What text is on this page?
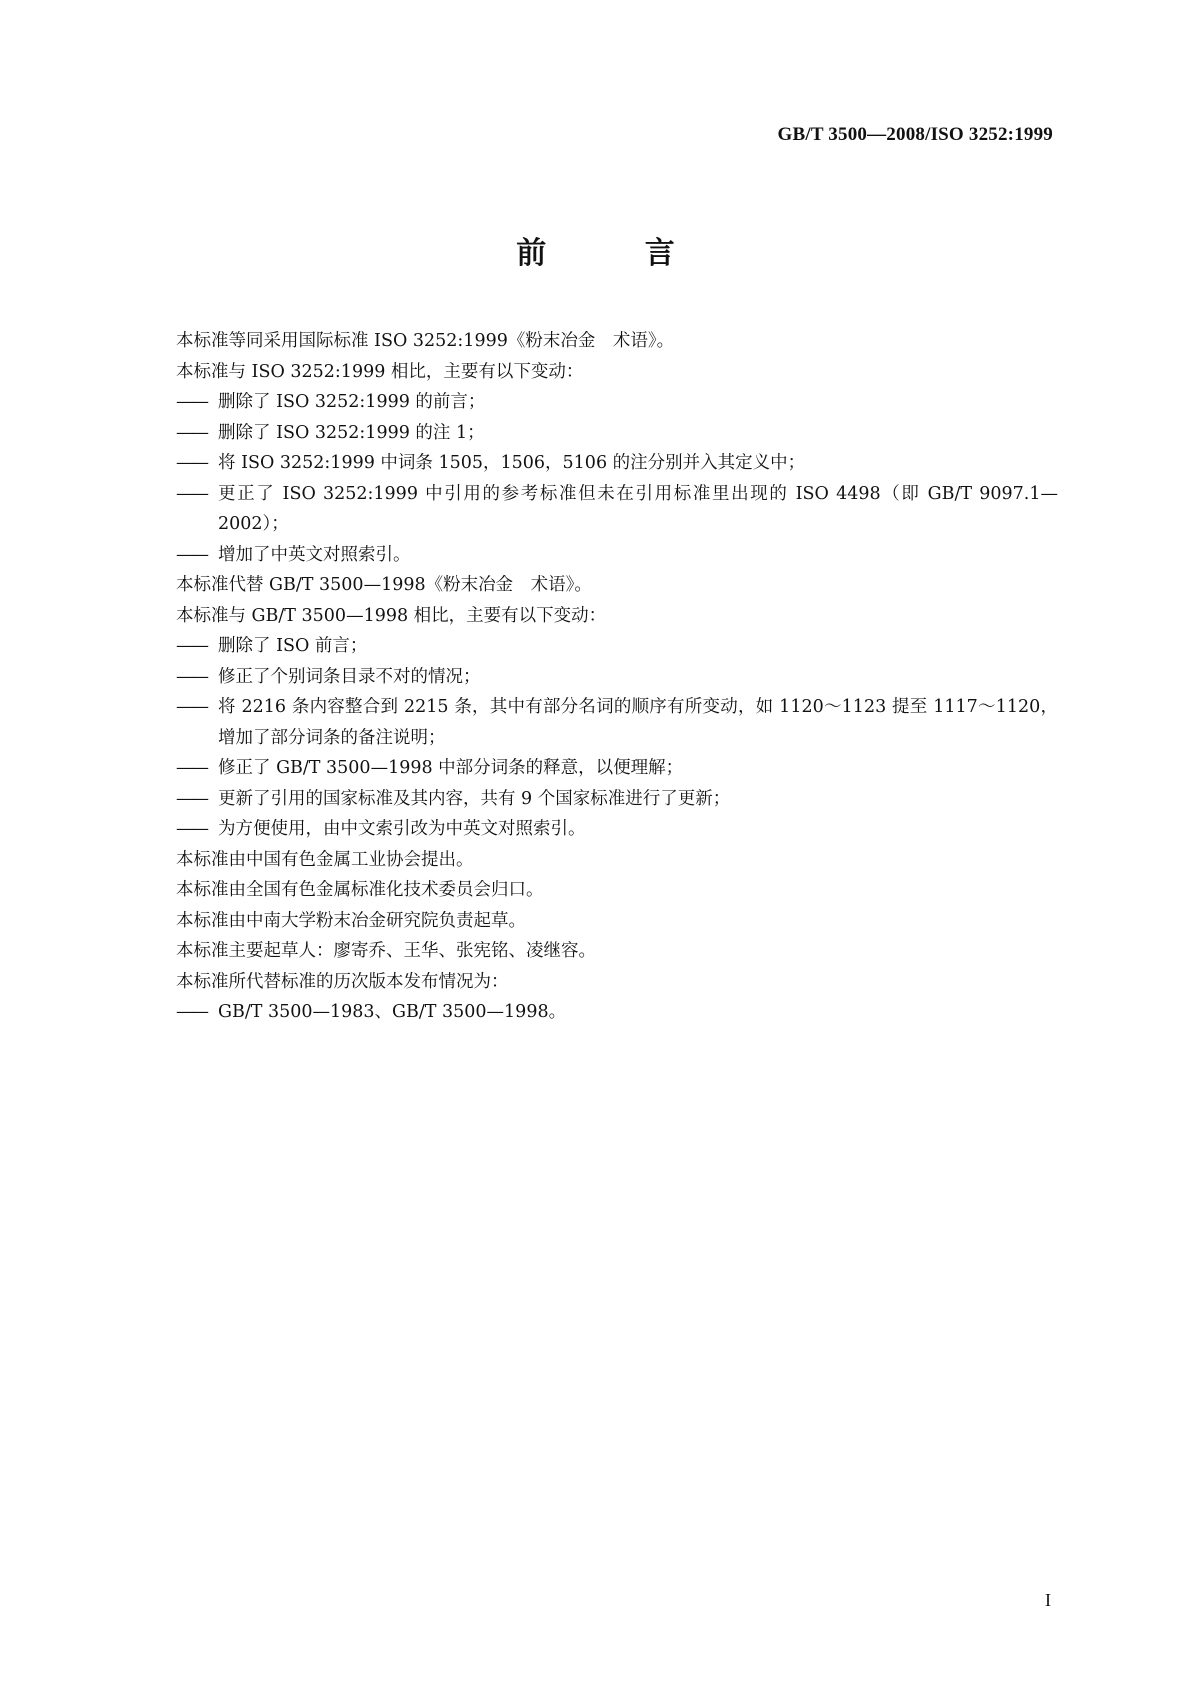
GB/T 3500—2008/ISO 3252:1999
前 言
本标准等同采用国际标准 ISO 3252:1999《粉末冶金　术语》。
本标准与 ISO 3252:1999 相比，主要有以下变动：
—— 删除了 ISO 3252:1999 的前言；
—— 删除了 ISO 3252:1999 的注 1；
—— 将 ISO 3252:1999 中词条 1505，1506，5106 的注分别并入其定义中；
—— 更正了 ISO 3252:1999 中引用的参考标准但未在引用标准里出现的 ISO 4498（即 GB/T 9097.1—2002）；
—— 增加了中英文对照索引。
本标准代替 GB/T 3500—1998《粉末冶金　术语》。
本标准与 GB/T 3500—1998 相比，主要有以下变动：
—— 删除了 ISO 前言；
—— 修正了个别词条目录不对的情况；
—— 将 2216 条内容整合到 2215 条，其中有部分名词的顺序有所变动，如 1120～1123 提至 1117～1120，增加了部分词条的备注说明；
—— 修正了 GB/T 3500—1998 中部分词条的释意，以便理解；
—— 更新了引用的国家标准及其内容，共有 9 个国家标准进行了更新；
—— 为方便使用，由中文索引改为中英文对照索引。
本标准由中国有色金属工业协会提出。
本标准由全国有色金属标准化技术委员会归口。
本标准由中南大学粉末冶金研究院负责起草。
本标准主要起草人：廖寄乔、王华、张宪铭、凌继容。
本标准所代替标准的历次版本发布情况为：
—— GB/T 3500—1983、GB/T 3500—1998。
I
